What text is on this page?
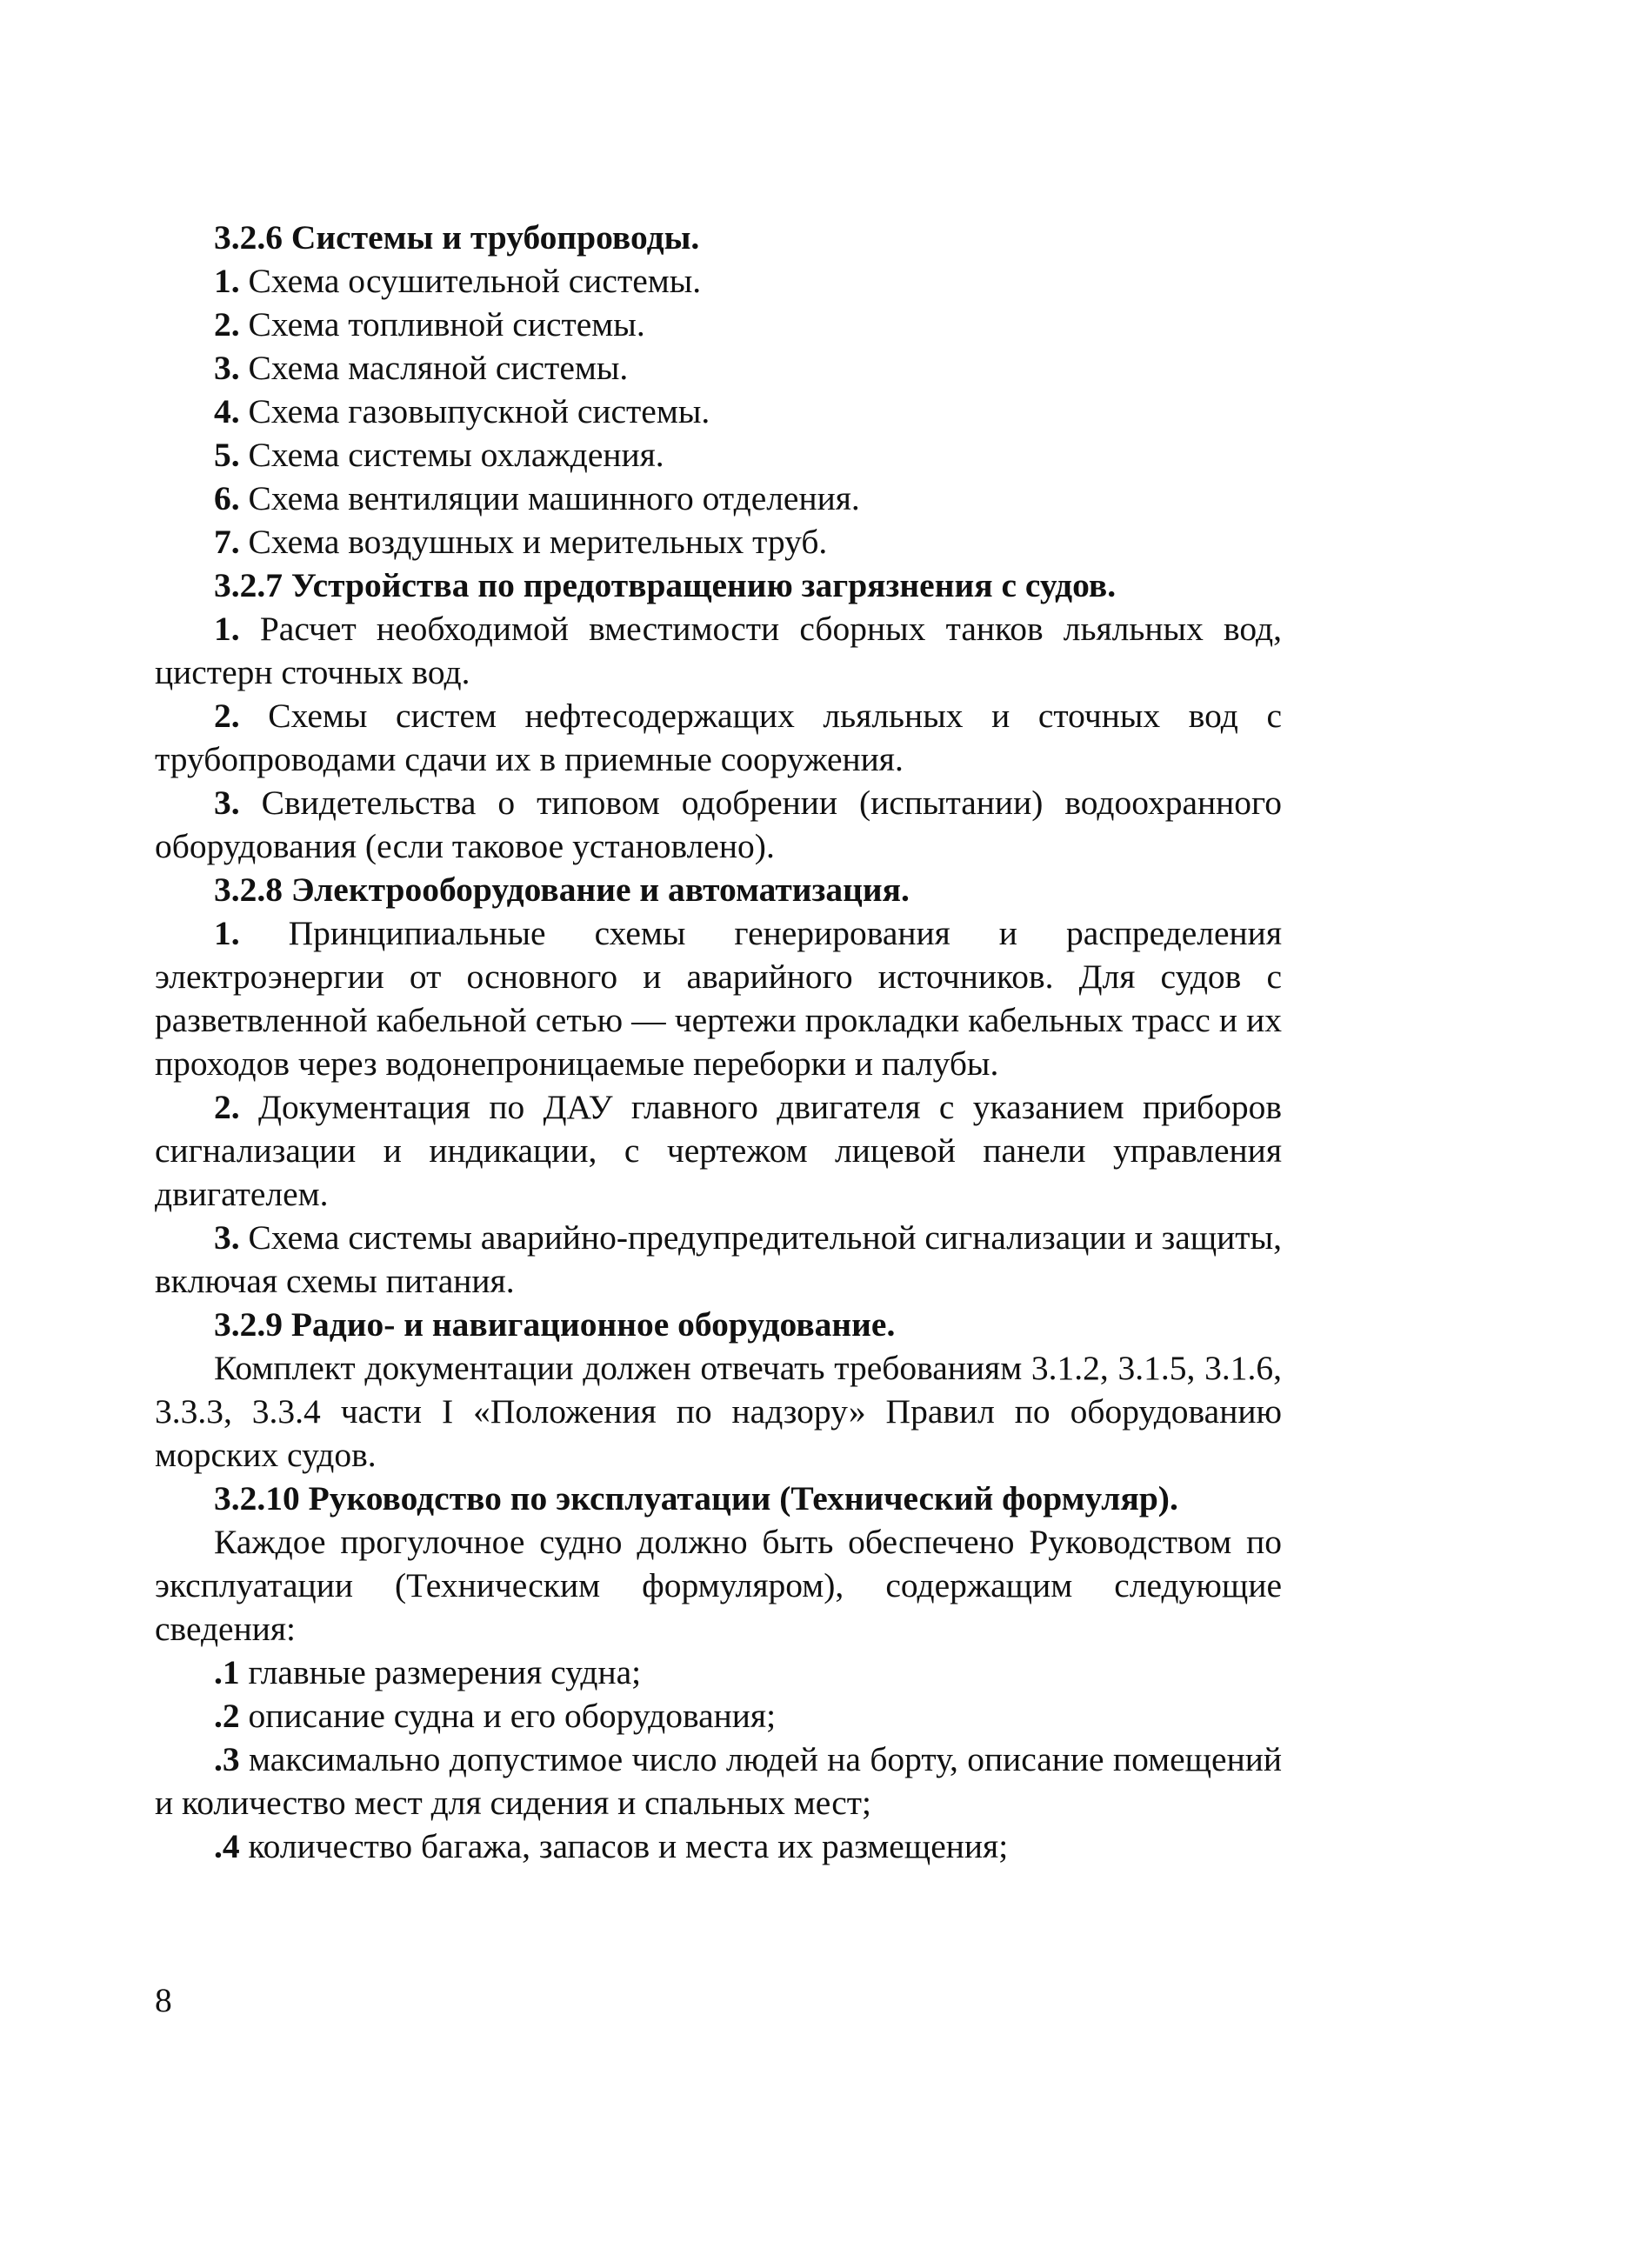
3.2.6 Системы и трубопроводы.

1. Схема осушительной системы.

2. Схема топливной системы.

3. Схема масляной системы.

4. Схема газовыпускной системы.

5. Схема системы охлаждения.

6. Схема вентиляции машинного отделения.

7. Схема воздушных и мерительных труб.

3.2.7 Устройства по предотвращению загрязнения с судов.

1. Расчет необходимой вместимости сборных танков льяльных вод, цистерн сточных вод.

2. Схемы систем нефтесодержащих льяльных и сточных вод с трубопроводами сдачи их в приемные сооружения.

3. Свидетельства о типовом одобрении (испытании) водоохранного оборудования (если таковое установлено).

3.2.8 Электрооборудование и автоматизация.

1. Принципиальные схемы генерирования и распределения электроэнергии от основного и аварийного источников. Для судов с разветвленной кабельной сетью — чертежи прокладки кабельных трасс и их проходов через водонепроницаемые переборки и палубы.

2. Документация по ДАУ главного двигателя с указанием приборов сигнализации и индикации, с чертежом лицевой панели управления двигателем.

3. Схема системы аварийно-предупредительной сигнализации и защиты, включая схемы питания.

3.2.9 Радио- и навигационное оборудование.

Комплект документации должен отвечать требованиям 3.1.2, 3.1.5, 3.1.6, 3.3.3, 3.3.4 части I «Положения по надзору» Правил по оборудованию морских судов.

3.2.10 Руководство по эксплуатации (Технический формуляр).

Каждое прогулочное судно должно быть обеспечено Руководством по эксплуатации (Техническим формуляром), содержащим следующие сведения:

.1 главные размерения судна;

.2 описание судна и его оборудования;

.3 максимально допустимое число людей на борту, описание помещений и количество мест для сидения и спальных мест;

.4 количество багажа, запасов и места их размещения;

8
